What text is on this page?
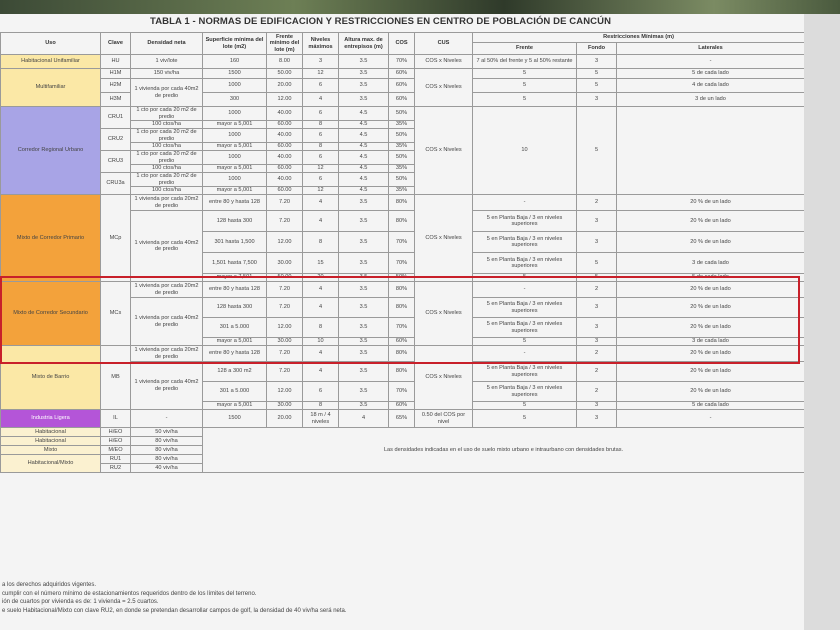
TABLA 1 - NORMAS DE EDIFICACION Y RESTRICCIONES EN CENTRO DE POBLACIÓN DE CANCÚN
Uso	Clave	Densidad neta	Superficie mínima del lote (m2)	Frente mínimo del lote (m)	Niveles máximos	Altura max. de entrepisos (m)	COS	CUS	Restricciones Mínimas (m)		
									Frente	Fondo	Laterales
Habitacional Unifamiliar	HU	1 viv/lote	160	8.00	3	3.5	70%	COS x Niveles	7 al 50% del frente y 5 al 50% restante	3	-
Multifamiliar	H1M	150 viv/ha	1500	50.00	12	3.5	60%	COS x Niveles	5	5	5 de cada lado
	H2M	1 vivienda por cada 40m2 de predio	1000	20.00	6	3.5	60%		5	5	4 de cada lado
	H3M		300	12.00	4	3.5	60%		5	3	3 de un lado
Corredor Regional Urbano	CRU1	1 cto por cada 20 m2 de predio	1000	40.00	6	4.5	50%	COS x Niveles	10	5	
		100 ctos/ha	mayor a 5,001	60.00	8	4.5	35%				
	CRU2	1 cto por cada 20 m2 de predio	1000	40.00	6	4.5	50%				
		100 ctos/ha	mayor a 5,001	60.00	8	4.5	35%				
	CRU3	1 cto por cada 20 m2 de predio	1000	40.00	6	4.5	50%				
		100 ctos/ha	mayor a 5,001	60.00	12	4.5	35%				
	CRU3a	1 cto por cada 20 m2 de predio	1000	40.00	6	4.5	50%				
		100 ctos/ha	mayor a 5,001	60.00	12	4.5	35%				
Mixto de Corredor Primario	MCp	1 vivienda por cada 20m2 de predio	entre 80 y hasta 128	7.20	4	3.5	80%	COS x Niveles	-	2	20 % de un lado
		1 vivienda por cada 40m2 de predio	128 hasta 300	7.20	4	3.5	80%		5 en Planta Baja / 3 en niveles superiores	3	20 % de un lado
			301 hasta 1,500	12.00	8	3.5	70%		5 en Planta Baja / 3 en niveles superiores	3	20 % de un lado
			1,501 hasta 7,500	30.00	15	3.5	70%		5 en Planta Baja / 3 en niveles superiores	5	3 de cada lado
			mayor a 7,501	50.00	20	3.5	50%		5	5	5 de cada lado
Mixto de Corredor Secundario	MCs	1 vivienda por cada 20m2 de predio	entre 80 y hasta 128	7.20	4	3.5	80%	COS x Niveles	-	2	20 % de un lado
		1 vivienda por cada 40m2 de predio	128 hasta 300	7.20	4	3.5	80%		5 en Planta Baja / 3 en niveles superiores	3	20 % de un lado
			301 a 5.000	12.00	8	3.5	70%		5 en Planta Baja / 3 en niveles superiores	3	20 % de un lado
			mayor a 5,001	30.00	10	3.5	60%		5	3	3 de cada lado
Mixto de Barrio	MB	1 vivienda por cada 20m2 de predio	entre 80 y hasta 128	7.20	4	3.5	80%	COS x Niveles	-	2	20 % de un lado
		1 vivienda por cada 40m2 de predio	128 a 300 m2	7.20	4	3.5	80%		5 en Planta Baja / 3 en niveles superiores	2	20 % de un lado
			301 a 5.000	12.00	6	3.5	70%		5 en Planta Baja / 3 en niveles superiores	2	20 % de un lado
			mayor a 5,001	30.00	8	3.5	60%		5	3	5 de cada lado
Industria Ligera	IL	-	1500	20.00	18 m / 4 niveles	4	65%	0.50 del COS por nivel	5	3	-
Habitacional	H/EO	50 viv/ha	Las densidades indicadas en el uso de suelo mixto urbano e intraurbano con densidades brutas.								
Habitacional	H/EO	80 viv/ha									
Mixto	M/EO	80 viv/ha									
Habitacional/Mixto	RU1	80 viv/ha									
	RU2	40 viv/ha									
a los derechos adquiridos vigentes.
cumplir con el número mínimo de estacionamientos requeridos dentro de los límites del terreno.
ión de cuartos por vivienda es de: 1 vivienda = 2.5 cuartos.
e suelo Habitacional/Mixto con clave RU2, en donde se pretendan desarrollar campos de golf, la densidad de 40 viv/ha será neta.
